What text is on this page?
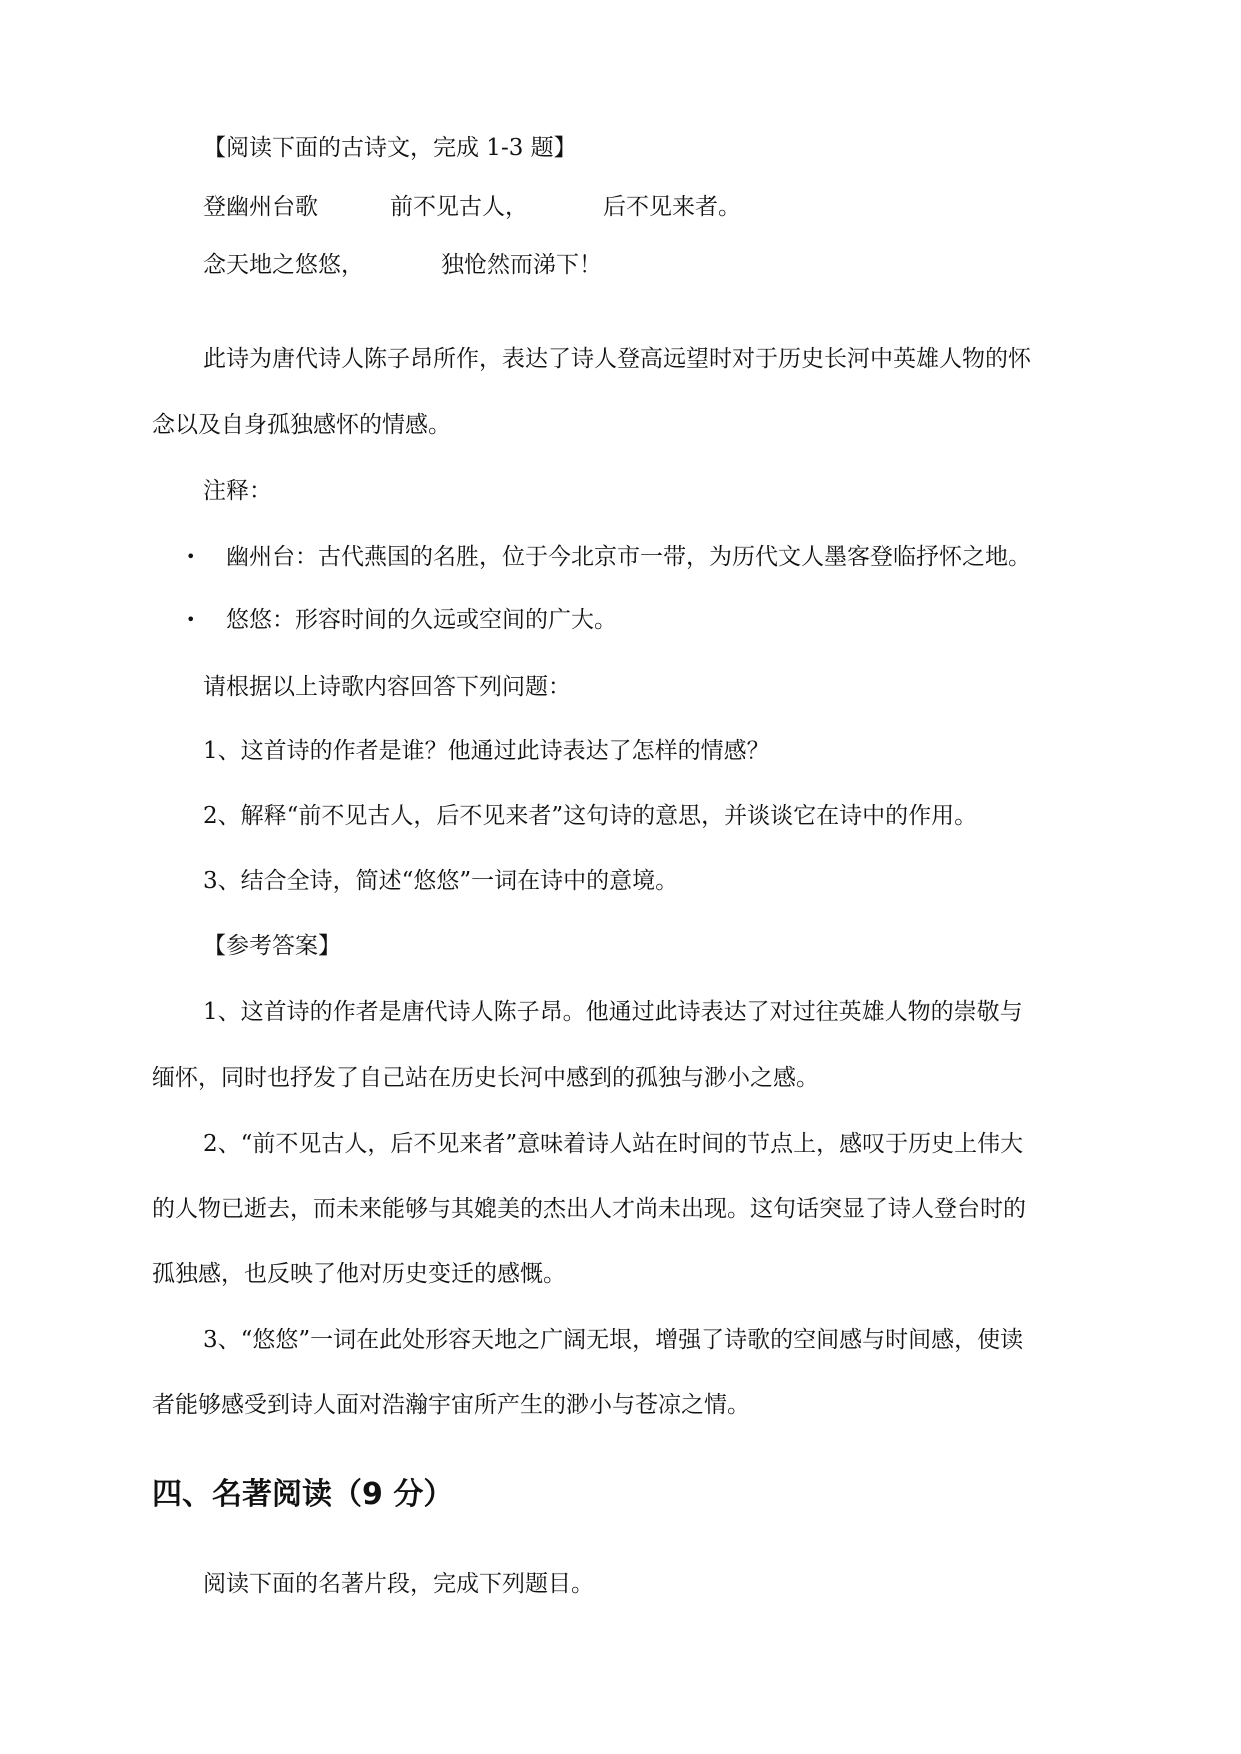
【阅读下面的古诗文，完成 1-3 题】
登幽州台歌	前不见古人，	后不见来者。
念天地之悠悠，	独怆然而涕下！
此诗为唐代诗人陈子昂所作，表达了诗人登高远望时对于历史长河中英雄人物的怀
念以及自身孤独感怀的情感。
注释：
• 幽州台：古代燕国的名胜，位于今北京市一带，为历代文人墨客登临抒怀之地。
• 悠悠：形容时间的久远或空间的广大。
请根据以上诗歌内容回答下列问题：
1、这首诗的作者是谁？他通过此诗表达了怎样的情感？
2、解释“前不见古人，后不见来者”这句诗的意思，并谈谈它在诗中的作用。
3、结合全诗，简述“悠悠”一词在诗中的意境。
【参考答案】
1、这首诗的作者是唐代诗人陈子昂。他通过此诗表达了对过往英雄人物的崇敬与
缅怀，同时也抒发了自己站在历史长河中感到的孤独与渺小之感。
2、“前不见古人，后不见来者”意味着诗人站在时间的节点上，感叹于历史上伟大
的人物已逝去，而未来能够与其媲美的杰出人才尚未出现。这句话突显了诗人登台时的
孤独感，也反映了他对历史变迁的感慨。
3、“悠悠”一词在此处形容天地之广阔无垠，增强了诗歌的空间感与时间感，使读
者能够感受到诗人面对浩瀚宇宙所产生的渺小与苍凉之情。
四、名著阅读（9 分）
阅读下面的名著片段，完成下列题目。
